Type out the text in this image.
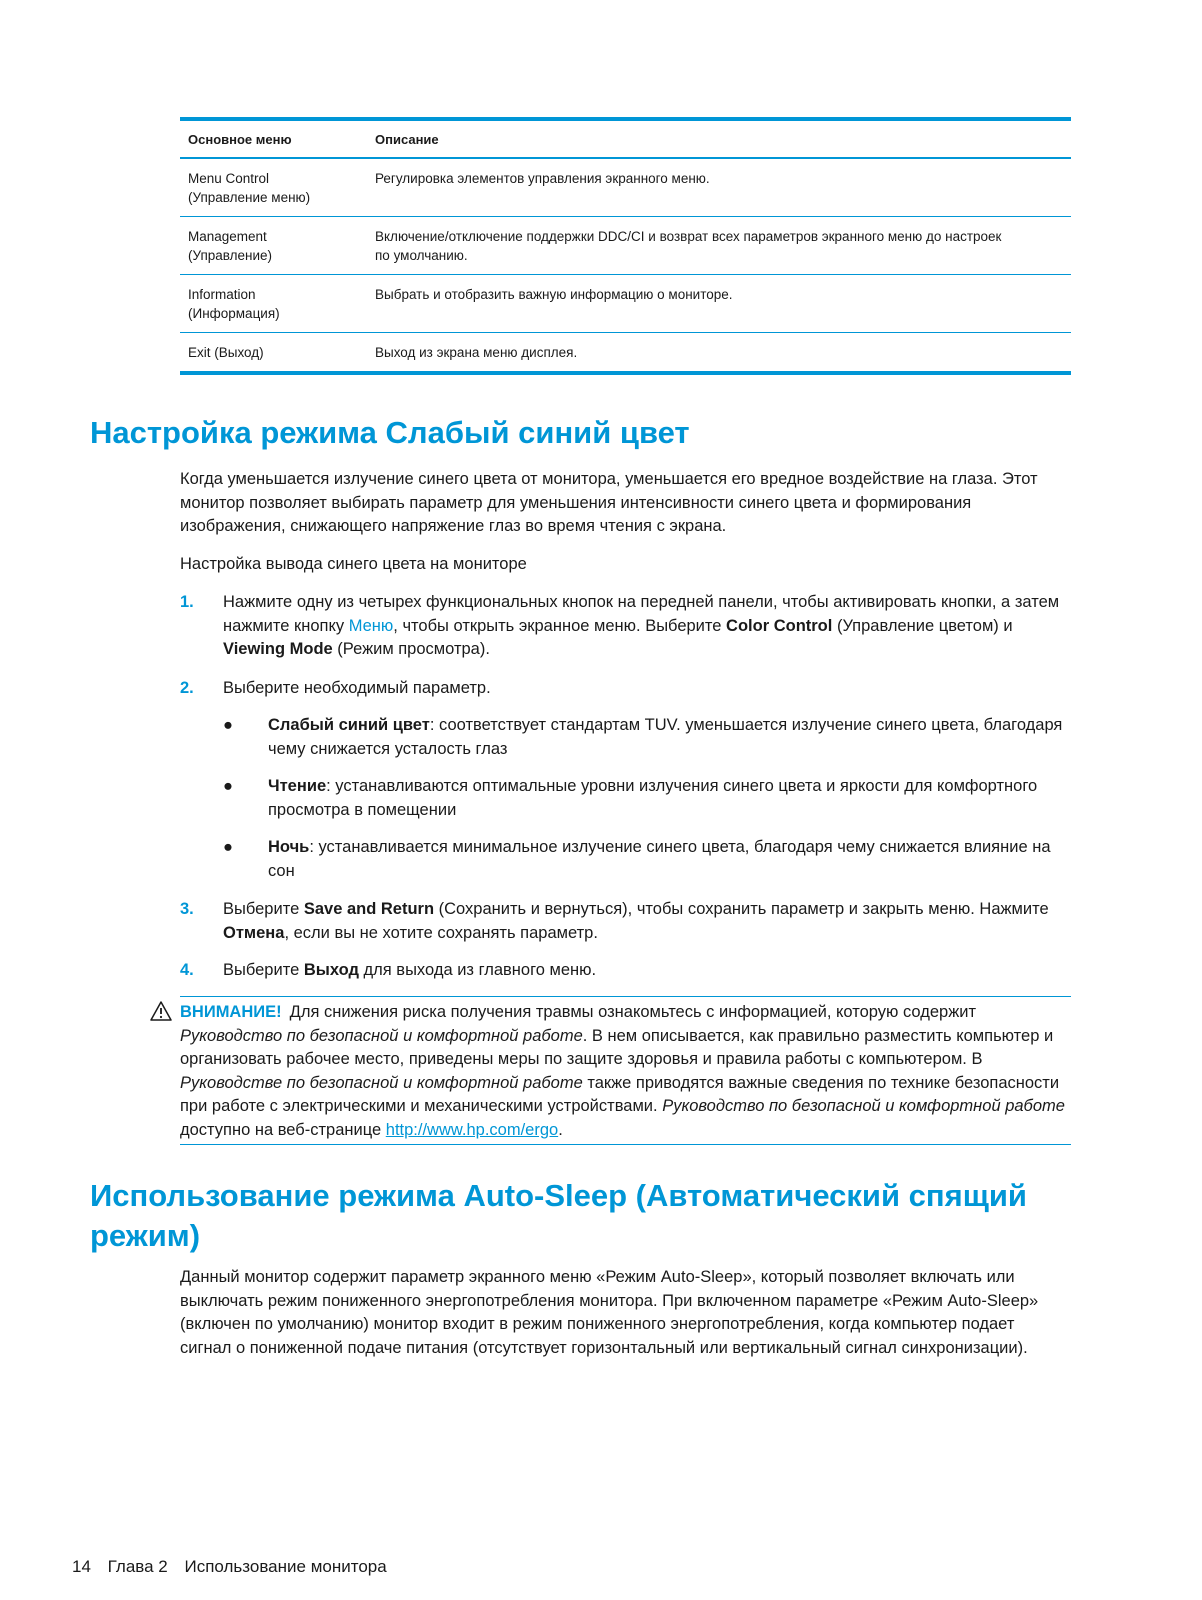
Основное меню	Описание
Menu Control
(Управление меню)
Регулировка элементов управления экранного меню.
Management
(Управление)
Включение/отключение поддержки DDC/CI и возврат всех параметров экранного меню до настроек
по умолчанию.
Information
(Информация)
Выбрать и отобразить важную информацию о мониторе.
Exit (Выход)	Выход из экрана меню дисплея.
Настройка режима Слабый синий цвет

Когда уменьшается излучение синего цвета от монитора, уменьшается его вредное воздействие на глаза. Этот монитор позволяет выбирать параметр для уменьшения интенсивности синего цвета и формирования изображения, снижающего напряжение глаз во время чтения с экрана.

Настройка вывода синего цвета на мониторе

1. Нажмите одну из четырех функциональных кнопок на передней панели, чтобы активировать кнопки, а затем нажмите кнопку Меню, чтобы открыть экранное меню. Выберите Color Control (Управление цветом) и Viewing Mode (Режим просмотра).
2. Выберите необходимый параметр.
● Слабый синий цвет: соответствует стандартам TUV. уменьшается излучение синего цвета, благодаря чему снижается усталость глаз
● Чтение: устанавливаются оптимальные уровни излучения синего цвета и яркости для комфортного просмотра в помещении
● Ночь: устанавливается минимальное излучение синего цвета, благодаря чему снижается влияние на сон
3. Выберите Save and Return (Сохранить и вернуться), чтобы сохранить параметр и закрыть меню. Нажмите Отмена, если вы не хотите сохранять параметр.
4. Выберите Выход для выхода из главного меню.
ВНИМАНИЕ! Для снижения риска получения травмы ознакомьтесь с информацией, которую содержит Руководство по безопасной и комфортной работе. В нем описывается, как правильно разместить компьютер и организовать рабочее место, приведены меры по защите здоровья и правила работы с компьютером. В Руководстве по безопасной и комфортной работе также приводятся важные сведения по технике безопасности при работе с электрическими и механическими устройствами. Руководство по безопасной и комфортной работе доступно на веб-странице http://www.hp.com/ergo.
Использование режима Auto-Sleep (Автоматический спящий режим)

Данный монитор содержит параметр экранного меню «Режим Auto-Sleep», который позволяет включать или выключать режим пониженного энергопотребления монитора. При включенном параметре «Режим Auto-Sleep» (включен по умолчанию) монитор входит в режим пониженного энергопотребления, когда компьютер подает сигнал о пониженной подаче питания (отсутствует горизонтальный или вертикальный сигнал синхронизации).

14 Глава 2 Использование монитора
